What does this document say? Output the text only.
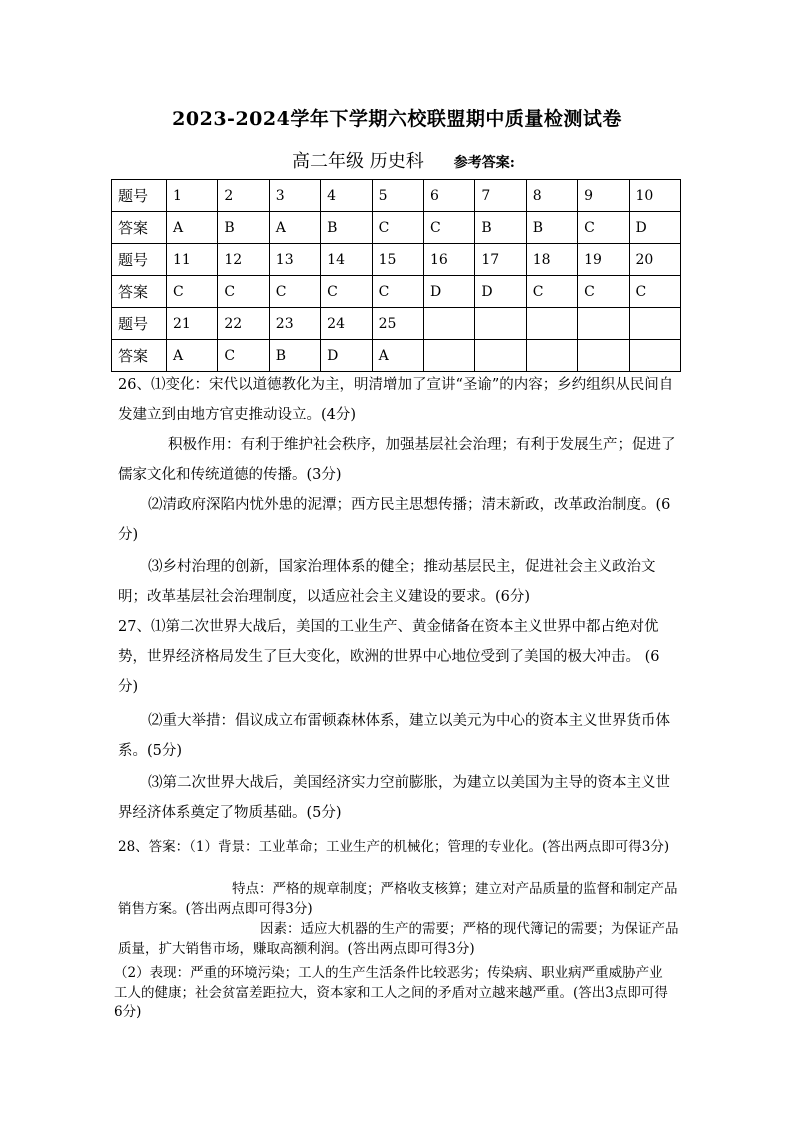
2023-2024学年下学期六校联盟期中质量检测试卷
高二年级 历史科 参考答案:
题号	1	2	3	4	5	6	7	8	9	10
答案	A	B	A	B	C	C	B	B	C	D
题号	11	12	13	14	15	16	17	18	19	20
答案	C	C	C	C	C	D	D	C	C	C
题号	21	22	23	24	25					
答案	A	C	B	D	A					
26、⑴变化：宋代以道德教化为主，明清增加了宣讲“圣谕”的内容；乡约组织从民间自发建立到由地方官吏推动设立。(4分)
积极作用：有利于维护社会秩序，加强基层社会治理；有利于发展生产；促进了儒家文化和传统道德的传播。(3分)
⑵清政府深陷内忧外患的泥潭；西方民主思想传播；清末新政，改革政治制度。(6分)
⑶乡村治理的创新，国家治理体系的健全；推动基层民主，促进社会主义政治文明；改革基层社会治理制度，以适应社会主义建设的要求。(6分)
27、⑴第二次世界大战后，美国的工业生产、黄金储备在资本主义世界中都占绝对优势，世界经济格局发生了巨大变化，欧洲的世界中心地位受到了美国的极大冲击。 (6分)
⑵重大举措：倡议成立布雷顿森林体系，建立以美元为中心的资本主义世界货币体系。(5分)
⑶第二次世界大战后，美国经济实力空前膨胀，为建立以美国为主导的资本主义世界经济体系奠定了物质基础。(5分)
28、答案：（1）背景：工业革命；工业生产的机械化；管理的专业化。(答出两点即可得3分)
特点：严格的规章制度；严格收支核算；建立对产品质量的监督和制定产品销售方案。(答出两点即可得3分)
因素：适应大机器的生产的需要；严格的现代簿记的需要；为保证产品质量，扩大销售市场，赚取高额利润。(答出两点即可得3分)
（2）表现：严重的环境污染；工人的生产生活条件比较恶劣；传染病、职业病严重威胁产业工人的健康；社会贫富差距拉大，资本家和工人之间的矛盾对立越来越严重。(答出3点即可得6分)
